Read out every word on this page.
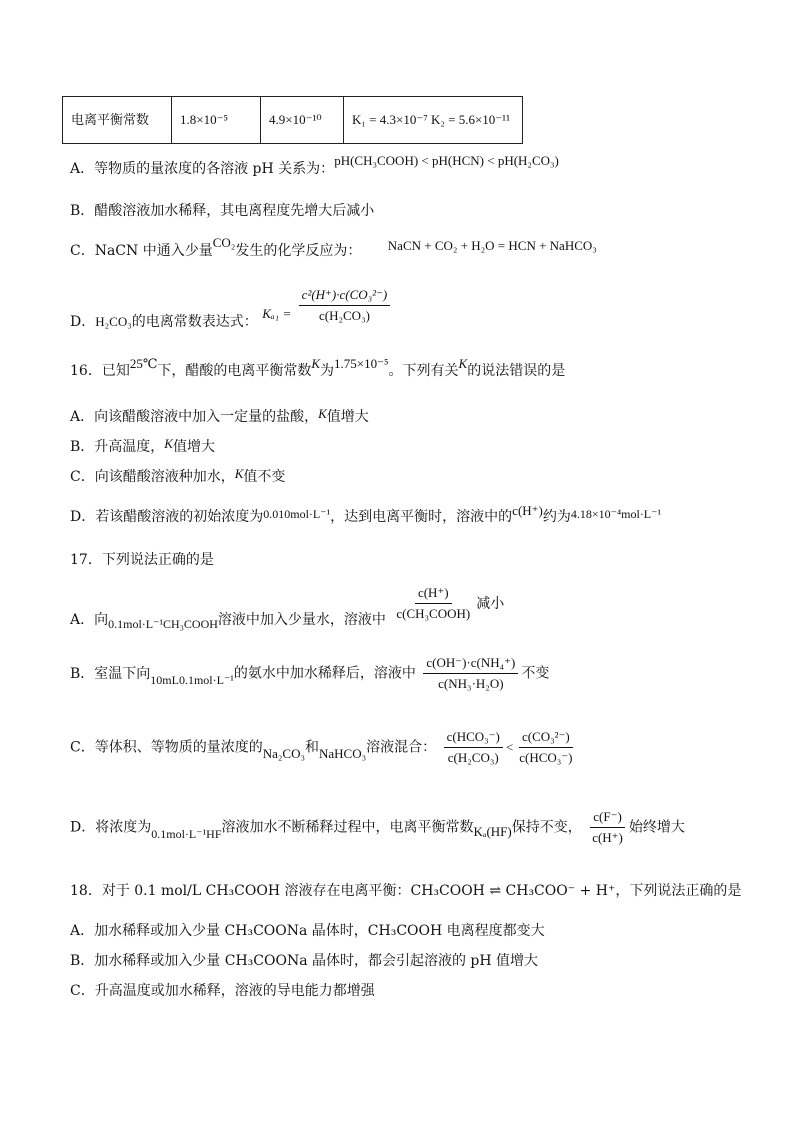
电离平衡常数	1.8×10⁻⁵	4.9×10⁻¹⁰	K₁ = 4.3×10⁻⁷ K₂ = 5.6×10⁻¹¹
A．等物质的量浓度的各溶液 pH 关系为：pH(CH₃COOH) < pH(HCN) < pH(H₂CO₃)
B．醋酸溶液加水稀释，其电离程度先增大后减小
C．NaCN 中通入少量CO₂发生的化学反应为： NaCN + CO₂ + H₂O = HCN + NaHCO₃
D．H₂CO₃的电离常数表达式： $K_{a1} = \frac{\text{c²(H⁺)·c(CO₃²⁻)}}{\text{c(H₂CO₃)}}$
16．已知25℃下，醋酸的电离平衡常数K为1.75×10⁻⁵。下列有关K的说法错误的是
A．向该醋酸溶液中加入一定量的盐酸，K值增大
B．升高温度，K值增大
C．向该醋酸溶液种加水，K值不变
D．若该醋酸溶液的初始浓度为0.010mol·L⁻¹，达到电离平衡时，溶液中的c(H⁺)约为4.18×10⁻⁴mol·L⁻¹
17．下列说法正确的是
A．向0.1mol·L⁻¹CH₃COOH溶液中加入少量水，溶液中 $\frac{c(H^+)}{\text{c(CH₃COOH)}}$ 减小
B．室温下向10mL0.1mol·L⁻¹的氨水中加水稀释后，溶液中 $\frac{\text{c(OH⁻)·c(NH₄⁺)}}{\text{c(NH₃·H₂O)}}$ 不变
C．等体积、等物质的量浓度的Na₂CO₃和NaHCO₃溶液混合： $\frac{\text{c(HCO₃⁻)}}{\text{c(H₂CO₃)}} < \frac{\text{c(CO₃²⁻)}}{\text{c(HCO₃⁻)}}$
D．将浓度为0.1mol·L⁻¹HF溶液加水不断稀释过程中，电离平衡常数Kₐ(HF)保持不变， $\frac{c(F^-)}{c(H^+)}$ 始终增大
18．对于 0.1 mol/L CH₃COOH 溶液存在电离平衡：CH₃COOH ⇌ CH₃COO⁻ + H⁺，下列说法正确的是
A．加水稀释或加入少量 CH₃COONa 晶体时，CH₃COOH 电离程度都变大
B．加水稀释或加入少量 CH₃COONa 晶体时，都会引起溶液的 pH 值增大
C．升高温度或加水稀释，溶液的导电能力都增强
